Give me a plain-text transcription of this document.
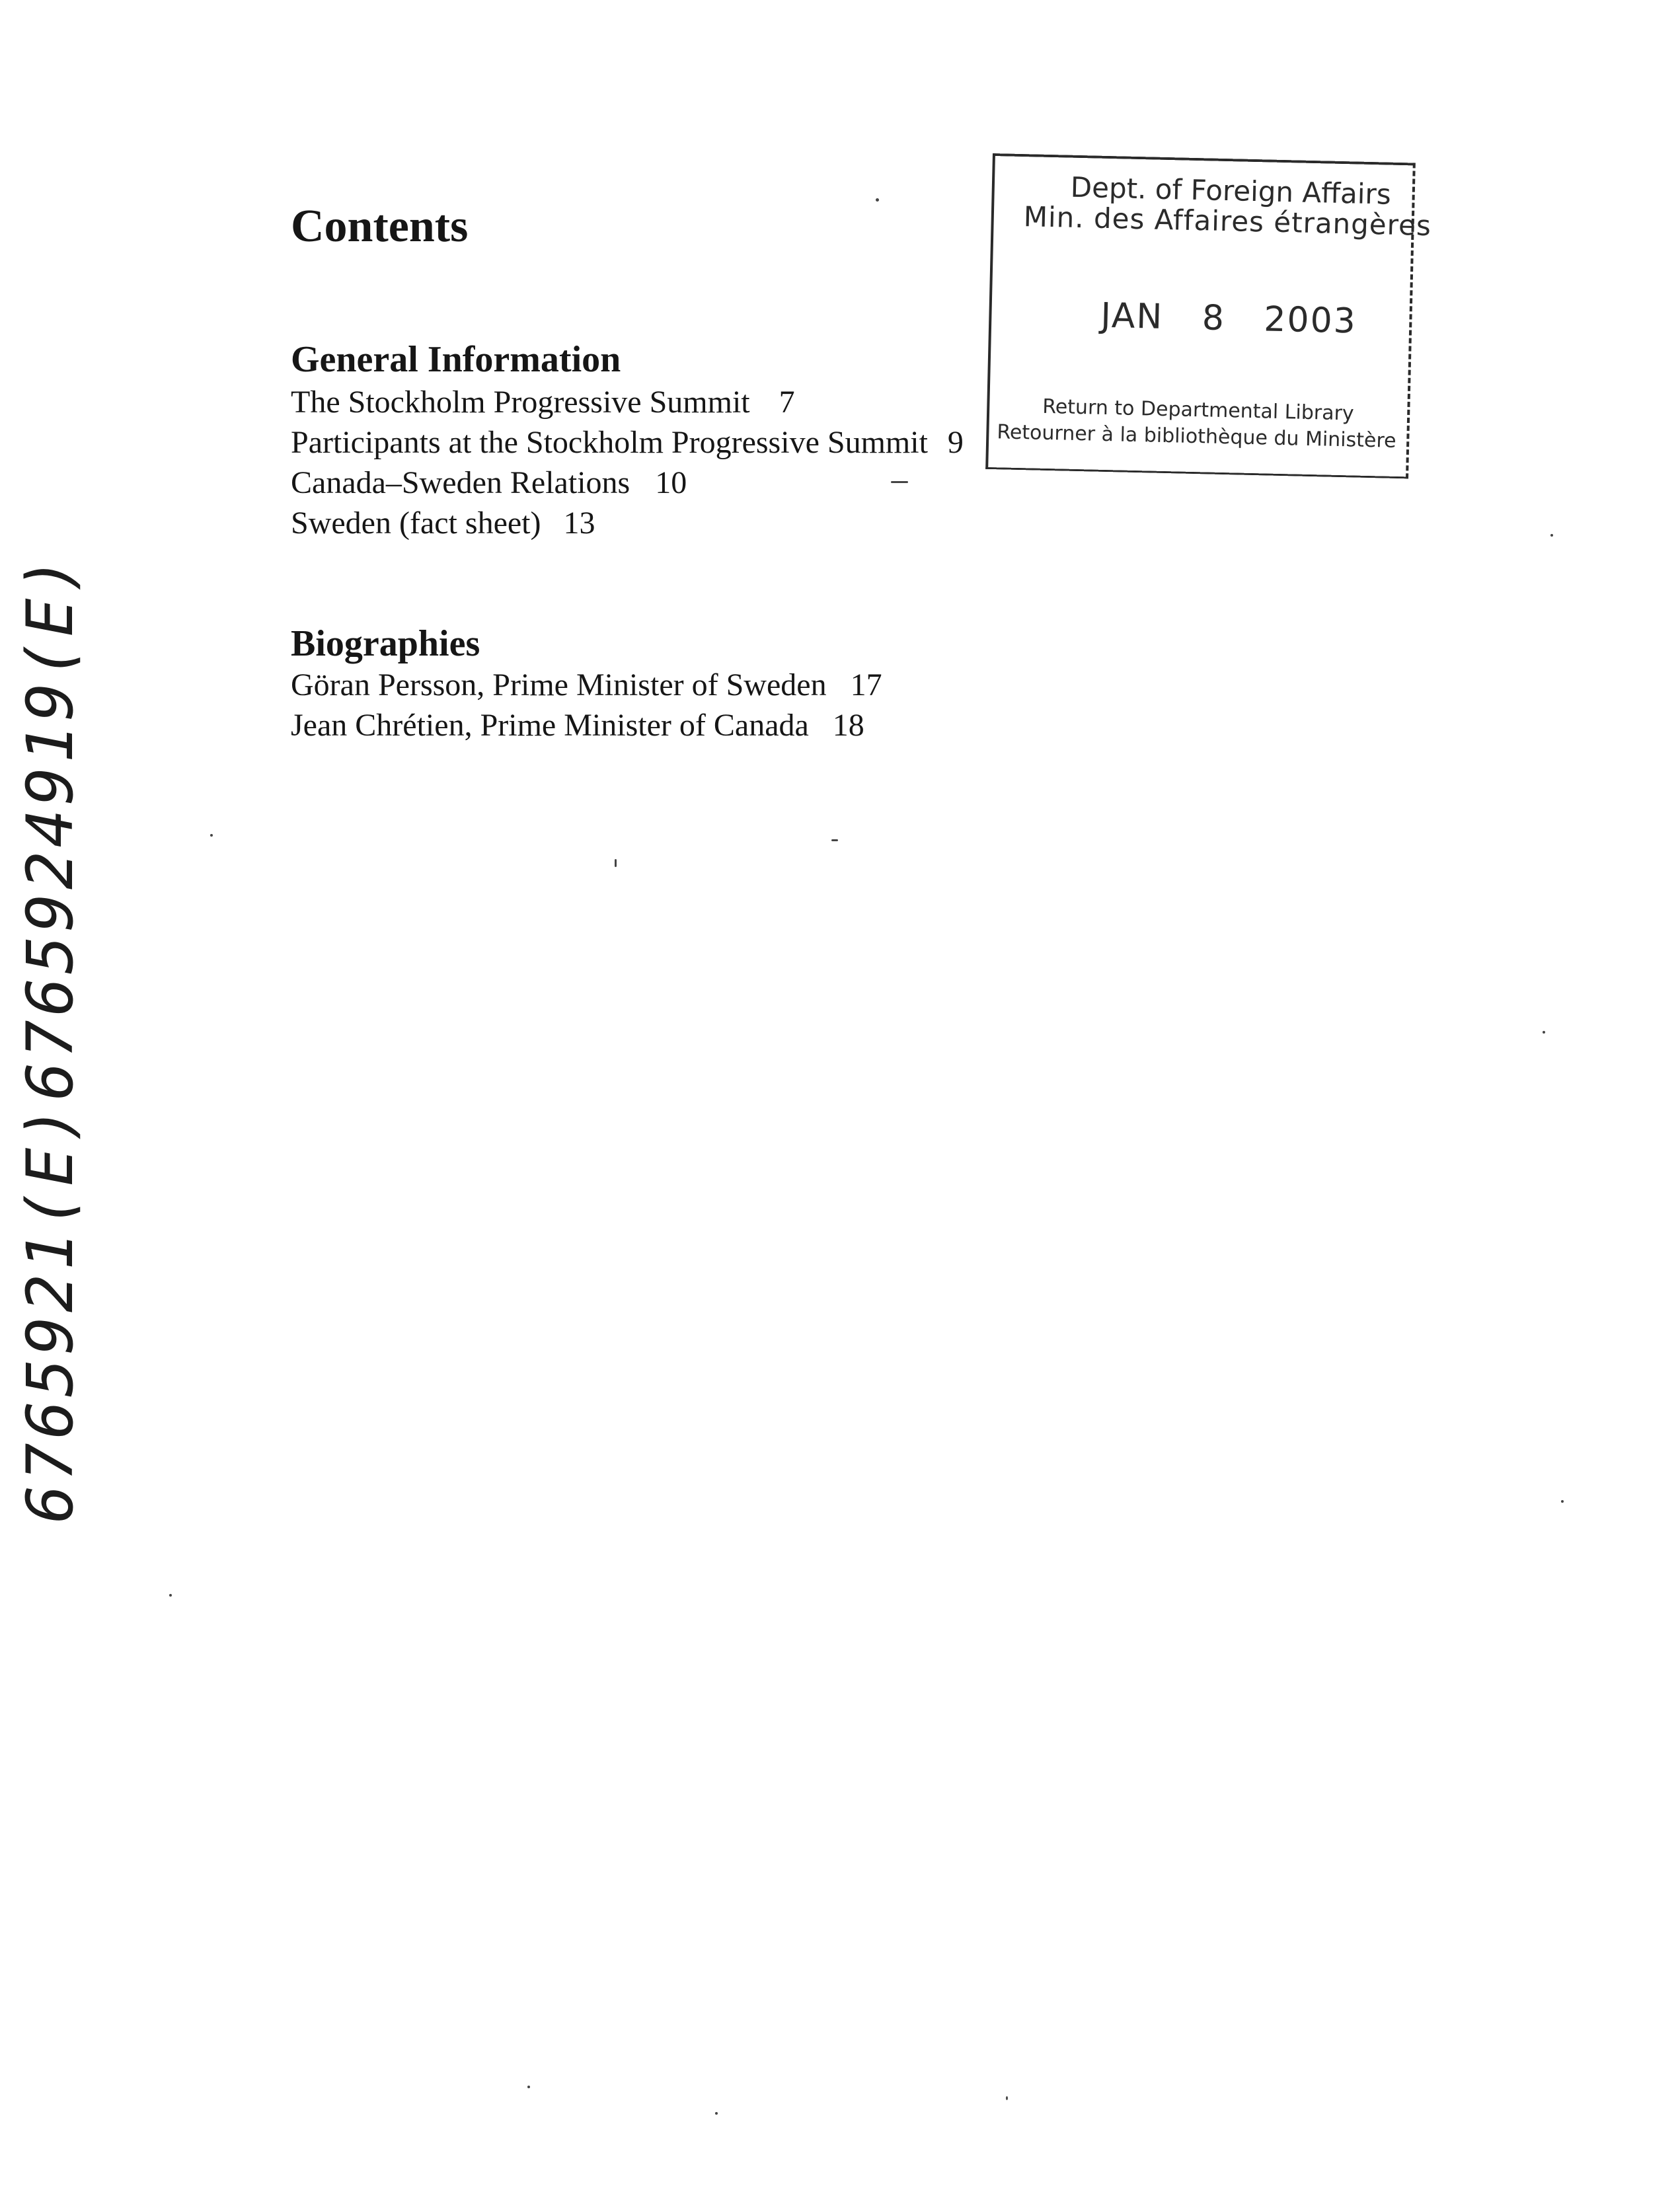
Contents
General Information
The Stockholm Progressive Summit 7
Participants at the Stockholm Progressive Summit 9
Canada–Sweden Relations 10
Sweden (fact sheet) 13
Biographies
Göran Persson, Prime Minister of Sweden 17
Jean Chrétien, Prime Minister of Canada 18
Dept. of Foreign Affairs
Min. des Affaires étrangères
JAN 8 2003
Return to Departmental Library
Retourner à la bibliothèque du Ministère
6765924919(E)
6765921(E)
